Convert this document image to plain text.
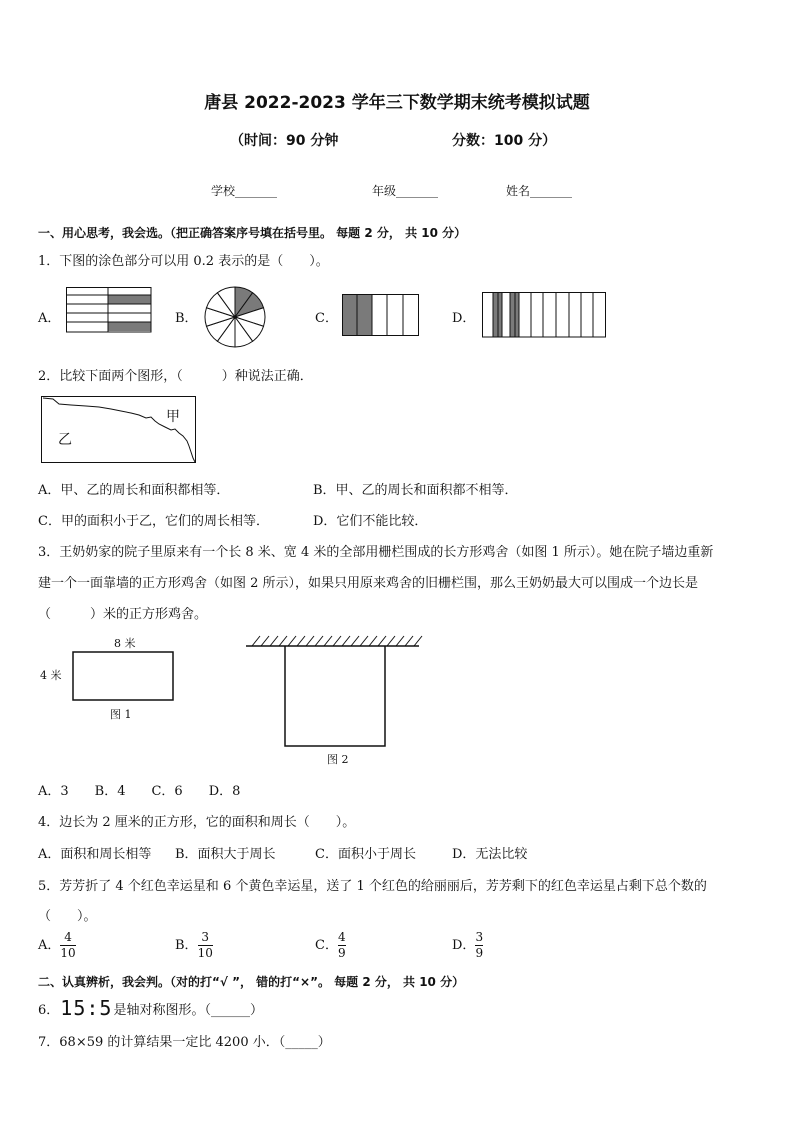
唐县 2022-2023 学年三下数学期末统考模拟试题
（时间：90 分钟	分数：100 分）
学校_______	年级_______	姓名_______
一、用心思考，我会选。（把正确答案序号填在括号里。 每题 2 分， 共 10 分）
1．下图的涂色部分可以用 0.2 表示的是（　　）。
A．	B．	C．	D．
2．比较下面两个图形，（　　　）种说法正确．
甲
乙
A．甲、乙的周长和面积都相等．	B．甲、乙的周长和面积都不相等．
C．甲的面积小于乙，它们的周长相等．	D．它们不能比较．
3．王奶奶家的院子里原来有一个长 8 米、宽 4 米的全部用栅栏围成的长方形鸡舍（如图 1 所示）。她在院子墙边重新
建一个一面靠墙的正方形鸡舍（如图 2 所示），如果只用原来鸡舍的旧栅栏围，那么王奶奶最大可以围成一个边长是
（　　　）米的正方形鸡舍。
8 米
4 米
图 1
图 2
A．3　　B．4　　C．6　　D．8
4．边长为 2 厘米的正方形，它的面积和周长（　　）。
A．面积和周长相等 B．面积大于周长	C．面积小于周长	D．无法比较
5．芳芳折了 4 个红色幸运星和 6 个黄色幸运星，送了 1 个红色的给丽丽后，芳芳剩下的红色幸运星占剩下总个数的
（　　）。
A． $\frac{4}{10}$	B． $\frac{3}{10}$	C． $\frac{4}{9}$	D． $\frac{3}{9}$
二、认真辨析，我会判。（对的打“√ ”， 错的打“×”。 每题 2 分， 共 10 分）
6． 15:5 是轴对称图形。（______）
7．68×59 的计算结果一定比 4200 小．（_____）
